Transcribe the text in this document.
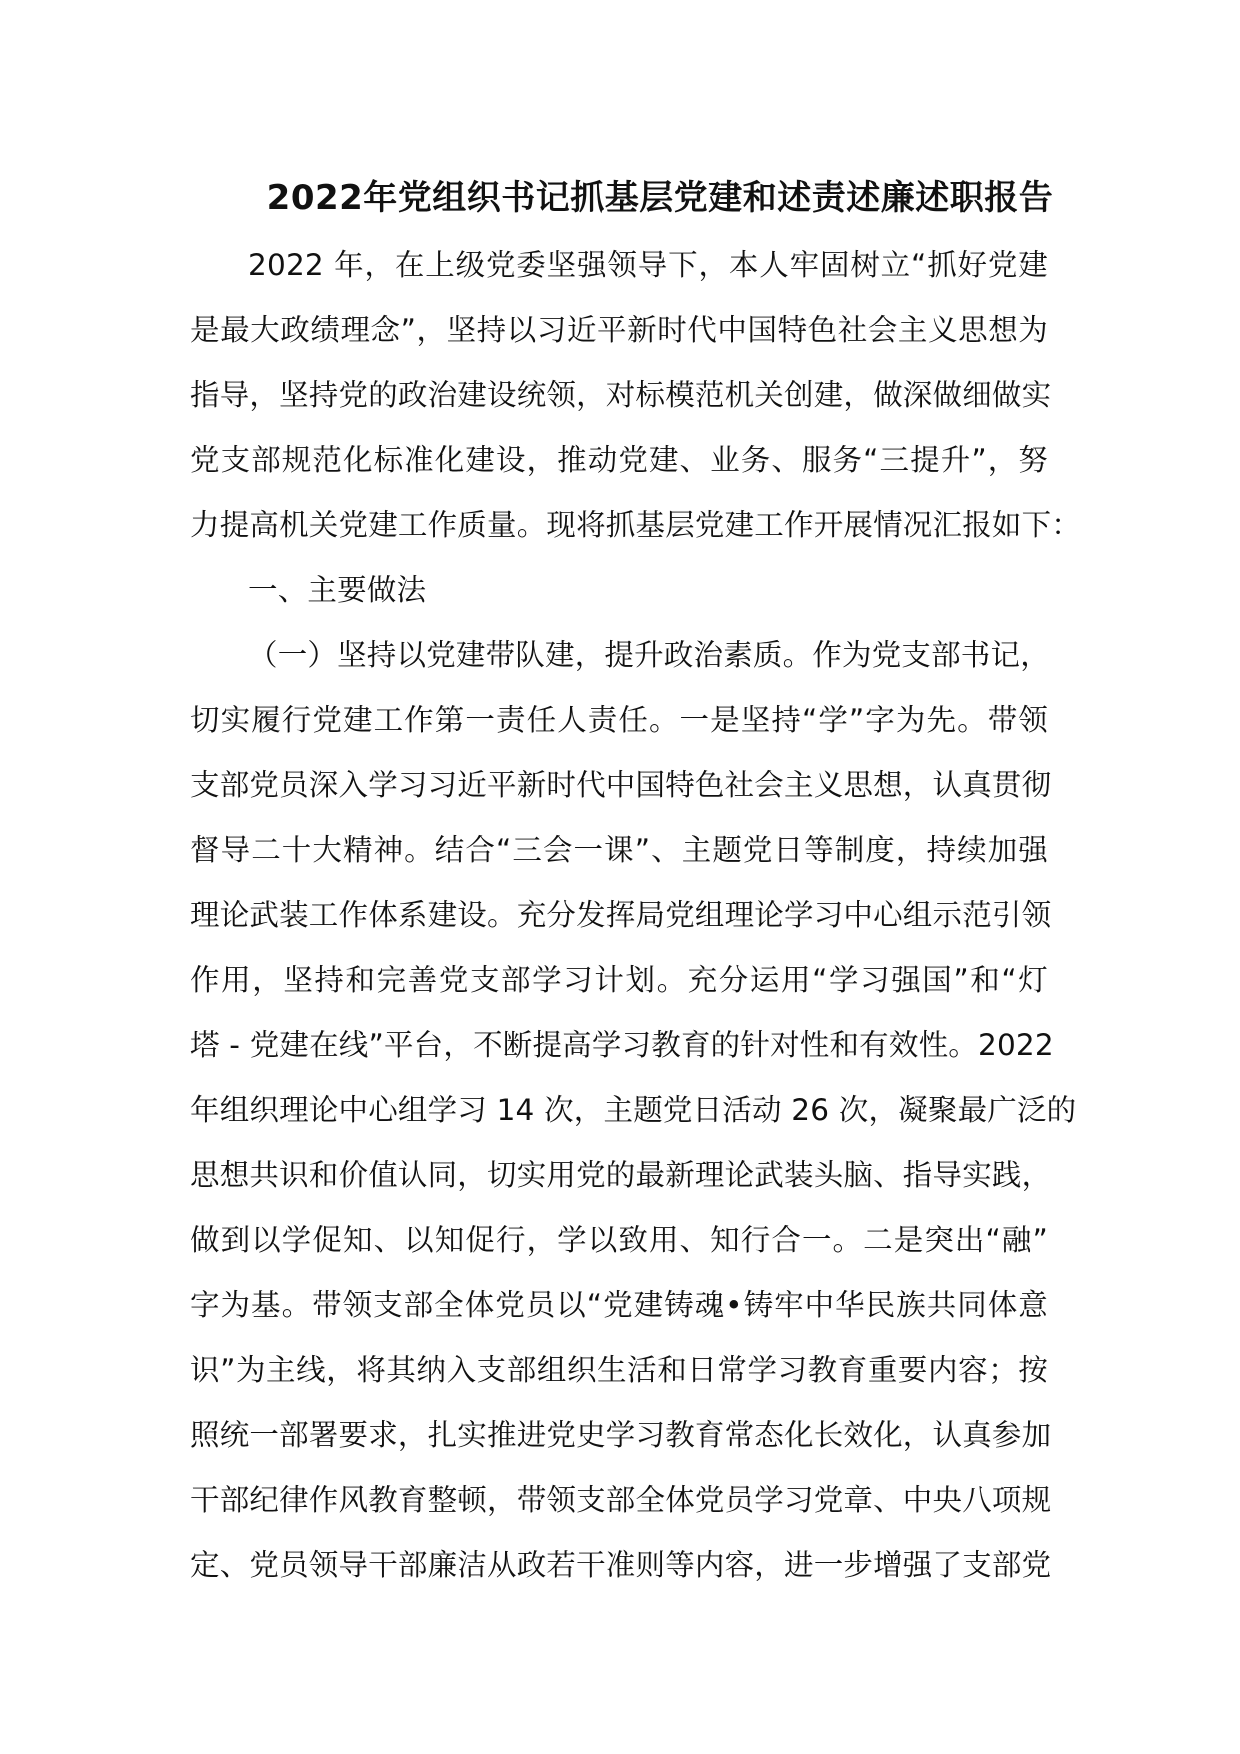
2022年党组织书记抓基层党建和述责述廉述职报告
2022 年，在上级党委坚强领导下，本人牢固树立“抓好党建
是最大政绩理念”，坚持以习近平新时代中国特色社会主义思想为
指导，坚持党的政治建设统领，对标模范机关创建，做深做细做实
党支部规范化标准化建设，推动党建、业务、服务“三提升”，努
力提高机关党建工作质量。现将抓基层党建工作开展情况汇报如下：
一、主要做法
（一）坚持以党建带队建，提升政治素质。作为党支部书记，
切实履行党建工作第一责任人责任。一是坚持“学”字为先。带领
支部党员深入学习习近平新时代中国特色社会主义思想，认真贯彻
督导二十大精神。结合“三会一课”、主题党日等制度，持续加强
理论武装工作体系建设。充分发挥局党组理论学习中心组示范引领
作用，坚持和完善党支部学习计划。充分运用“学习强国”和“灯
塔 - 党建在线”平台，不断提高学习教育的针对性和有效性。2022
年组织理论中心组学习 14 次，主题党日活动 26 次，凝聚最广泛的
思想共识和价值认同，切实用党的最新理论武装头脑、指导实践，
做到以学促知、以知促行，学以致用、知行合一。二是突出“融”
字为基。带领支部全体党员以“党建铸魂•铸牢中华民族共同体意
识”为主线，将其纳入支部组织生活和日常学习教育重要内容；按
照统一部署要求，扎实推进党史学习教育常态化长效化，认真参加
干部纪律作风教育整顿，带领支部全体党员学习党章、中央八项规
定、党员领导干部廉洁从政若干准则等内容，进一步增强了支部党
